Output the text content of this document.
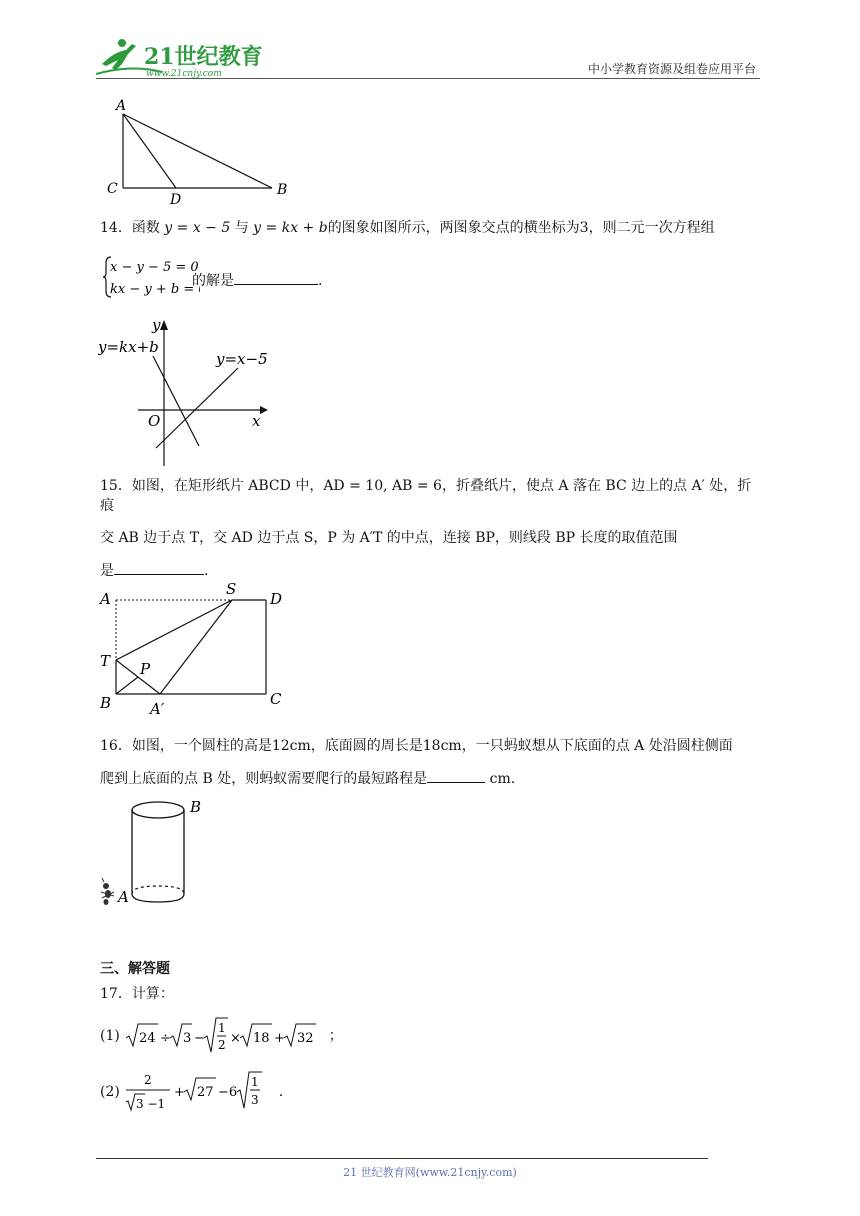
21世纪教育
www.21cnjy.com	中小学教育资源及组卷应用平台
A
C
D
B
14．函数 y = x − 5 与 y = kx + b的图象如图所示，两图象交点的横坐标为3，则二元一次方程组
x − y − 5 = 0
kx − y + b = 0
的解是	.
y=kx+b
y=x−5
y
x
O
15．如图，在矩形纸片 ABCD 中，AD = 10, AB = 6，折叠纸片，使点 A 落在 BC 边上的点 A′ 处，折痕
交 AB 边于点 T，交 AD 边于点 S，P 为 A′T 的中点，连接 BP，则线段 BP 长度的取值范围
是	.
A	D
S
T P
B	A′
C
16．如图，一个圆柱的高是12cm，底面圆的周长是18cm，一只蚂蚁想从下底面的点 A 处沿圆柱侧面
爬到上底面的点 B 处，则蚂蚁需要爬行的最短路程是	cm.
A
B
三、解答题
17．计算：
(1) 24 ÷ 3 −
1
2 × 18 + 32 ；
(2)
2
3 −1
+ 27 −6
1
3 .
21 世纪教育网(www.21cnjy.com)
